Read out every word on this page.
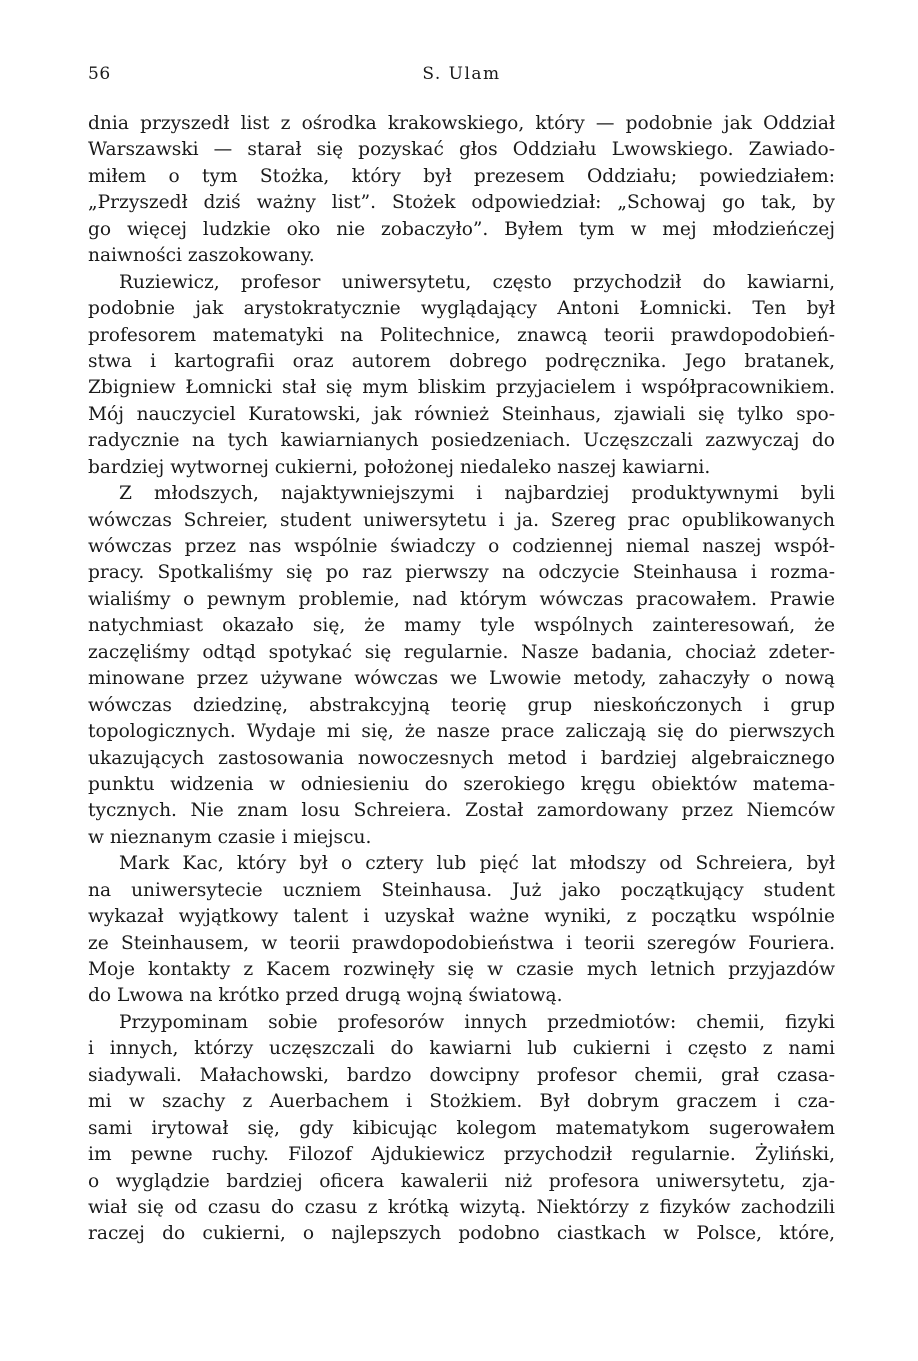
56	S. Ulam
dnia przyszedł list z ośrodka krakowskiego, który — podobnie jak Oddział
Warszawski — starał się pozyskać głos Oddziału Lwowskiego. Zawiado-
miłem o tym Stożka, który był prezesem Oddziału; powiedziałem:
„Przyszedł dziś ważny list”. Stożek odpowiedział: „Schowaj go tak, by
go więcej ludzkie oko nie zobaczyło”. Byłem tym w mej młodzieńczej
naiwności zaszokowany.
Ruziewicz, profesor uniwersytetu, często przychodził do kawiarni,
podobnie jak arystokratycznie wyglądający Antoni Łomnicki. Ten był
profesorem matematyki na Politechnice, znawcą teorii prawdopodobień-
stwa i kartografii oraz autorem dobrego podręcznika. Jego bratanek,
Zbigniew Łomnicki stał się mym bliskim przyjacielem i współpracownikiem.
Mój nauczyciel Kuratowski, jak również Steinhaus, zjawiali się tylko spo-
radycznie na tych kawiarnianych posiedzeniach. Uczęszczali zazwyczaj do
bardziej wytwornej cukierni, położonej niedaleko naszej kawiarni.
Z młodszych, najaktywniejszymi i najbardziej produktywnymi byli
wówczas Schreier, student uniwersytetu i ja. Szereg prac opublikowanych
wówczas przez nas wspólnie świadczy o codziennej niemal naszej współ-
pracy. Spotkaliśmy się po raz pierwszy na odczycie Steinhausa i rozma-
wialiśmy o pewnym problemie, nad którym wówczas pracowałem. Prawie
natychmiast okazało się, że mamy tyle wspólnych zainteresowań, że
zaczęliśmy odtąd spotykać się regularnie. Nasze badania, chociaż zdeter-
minowane przez używane wówczas we Lwowie metody, zahaczyły o nową
wówczas dziedzinę, abstrakcyjną teorię grup nieskończonych i grup
topologicznych. Wydaje mi się, że nasze prace zaliczają się do pierwszych
ukazujących zastosowania nowoczesnych metod i bardziej algebraicznego
punktu widzenia w odniesieniu do szerokiego kręgu obiektów matema-
tycznych. Nie znam losu Schreiera. Został zamordowany przez Niemców
w nieznanym czasie i miejscu.
Mark Kac, który był o cztery lub pięć lat młodszy od Schreiera, był
na uniwersytecie uczniem Steinhausa. Już jako początkujący student
wykazał wyjątkowy talent i uzyskał ważne wyniki, z początku wspólnie
ze Steinhausem, w teorii prawdopodobieństwa i teorii szeregów Fouriera.
Moje kontakty z Kacem rozwinęły się w czasie mych letnich przyjazdów
do Lwowa na krótko przed drugą wojną światową.
Przypominam sobie profesorów innych przedmiotów: chemii, fizyki
i innych, którzy uczęszczali do kawiarni lub cukierni i często z nami
siadywali. Małachowski, bardzo dowcipny profesor chemii, grał czasa-
mi w szachy z Auerbachem i Stożkiem. Był dobrym graczem i cza-
sami irytował się, gdy kibicując kolegom matematykom sugerowałem
im pewne ruchy. Filozof Ajdukiewicz przychodził regularnie. Żyliński,
o wyglądzie bardziej oficera kawalerii niż profesora uniwersytetu, zja-
wiał się od czasu do czasu z krótką wizytą. Niektórzy z fizyków zachodzili
raczej do cukierni, o najlepszych podobno ciastkach w Polsce, które,
